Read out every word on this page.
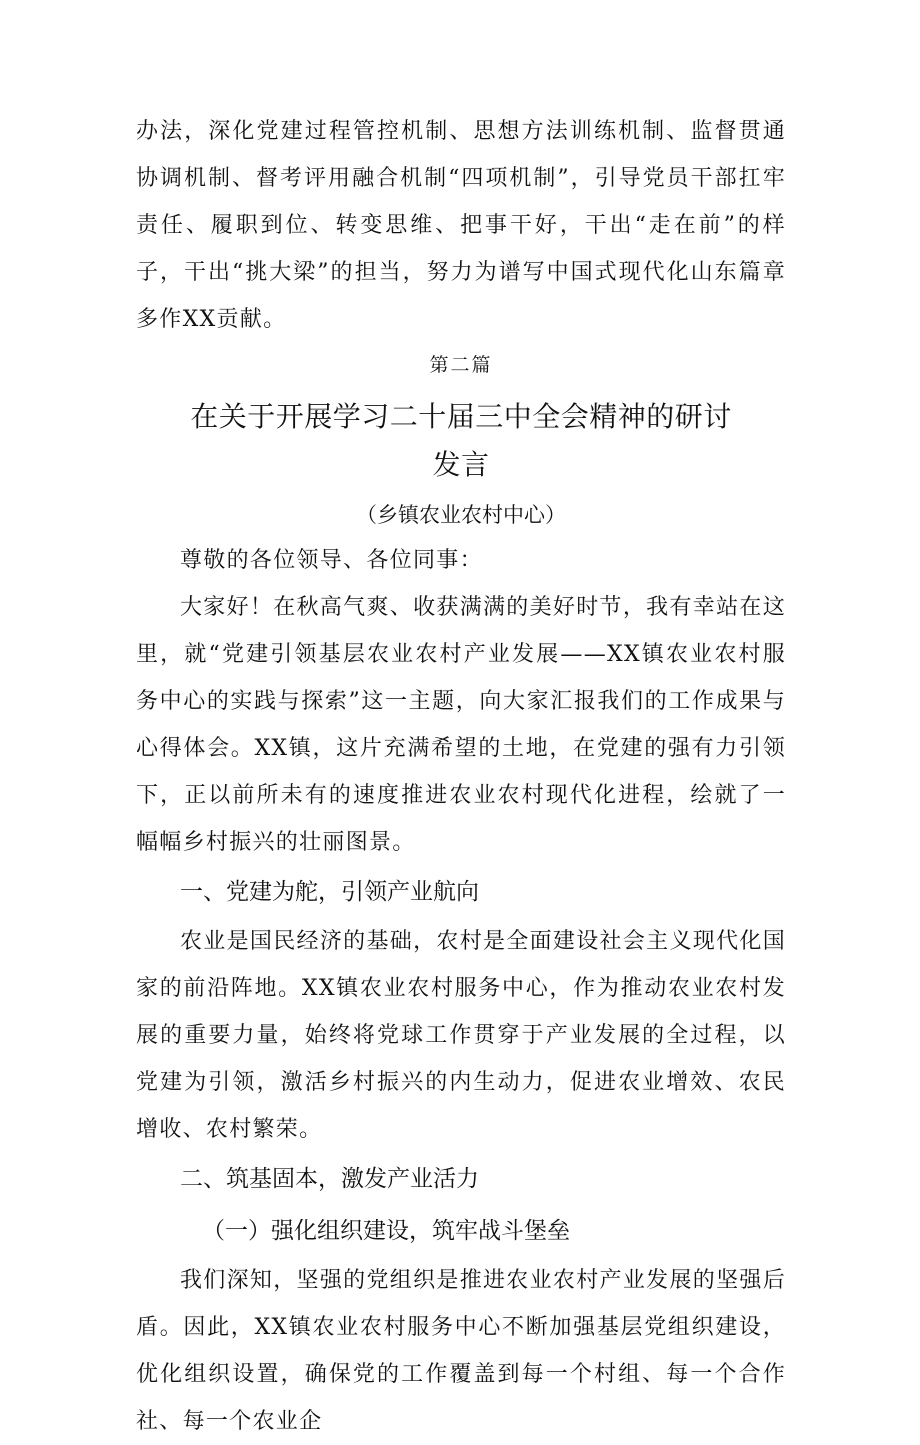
办法，深化党建过程管控机制、思想方法训练机制、监督贯通协调机制、督考评用融合机制“四项机制”，引导党员干部扛牢责任、履职到位、转变思维、把事干好，干出“走在前”的样子，干出“挑大梁”的担当，努力为谱写中国式现代化山东篇章多作XX贡献。

第二篇

在关于开展学习二十届三中全会精神的研讨发言

（乡镇农业农村中心）

尊敬的各位领导、各位同事：

大家好！在秋高气爽、收获满满的美好时节，我有幸站在这里，就“党建引领基层农业农村产业发展——XX镇农业农村服务中心的实践与探索”这一主题，向大家汇报我们的工作成果与心得体会。XX镇，这片充满希望的土地，在党建的强有力引领下，正以前所未有的速度推进农业农村现代化进程，绘就了一幅幅乡村振兴的壮丽图景。

一、党建为舵，引领产业航向

农业是国民经济的基础，农村是全面建设社会主义现代化国家的前沿阵地。XX镇农业农村服务中心，作为推动农业农村发展的重要力量，始终将党球工作贯穿于产业发展的全过程，以党建为引领，激活乡村振兴的内生动力，促进农业增效、农民增收、农村繁荣。

二、筑基固本，激发产业活力

（一）强化组织建设，筑牢战斗堡垒

我们深知，坚强的党组织是推进农业农村产业发展的坚强后盾。因此，XX镇农业农村服务中心不断加强基层党组织建设，优化组织设置，确保党的工作覆盖到每一个村组、每一个合作社、每一个农业企
